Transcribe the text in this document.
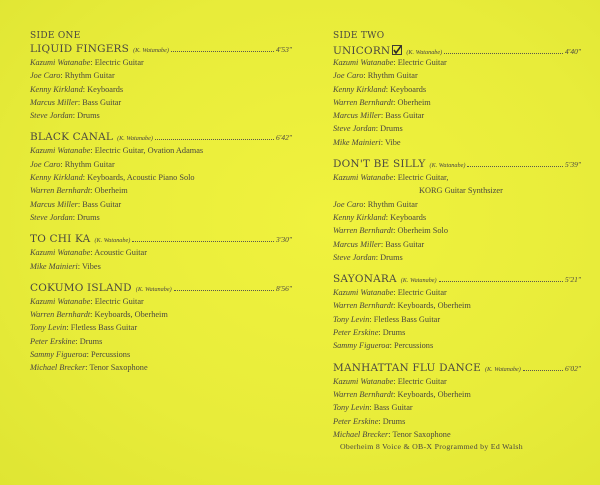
SIDE ONE
LIQUID FINGERS (K. Watanabe)	4'53"
Kazumi Watanabe: Electric Guitar
Joe Caro: Rhythm Guitar
Kenny Kirkland: Keyboards
Marcus Miller: Bass Guitar
Steve Jordan: Drums
BLACK CANAL (K. Watanabe)	6'42"
Kazumi Watanabe: Electric Guitar, Ovation Adamas
Joe Caro: Rhythm Guitar
Kenny Kirkland: Keyboards, Acoustic Piano Solo
Warren Bernhardt: Oberheim
Marcus Miller: Bass Guitar
Steve Jordan: Drums
TO CHI KA (K. Watanabe)	3'30"
Kazumi Watanabe: Acoustic Guitar
Mike Mainieri: Vibes
COKUMO ISLAND (K. Watanabe)	8'56"
Kazumi Watanabe: Electric Guitar
Warren Bernhardt: Keyboards, Oberheim
Tony Levin: Fletless Bass Guitar
Peter Erskine: Drums
Sammy Figueroa: Percussions
Michael Brecker: Tenor Saxophone
SIDE TWO
UNICORN	(K. Watanabe)	4'40"
Kazumi Watanabe: Electric Guitar
Joe Caro: Rhythm Guitar
Kenny Kirkland: Keyboards
Warren Bernhardt: Oberheim
Marcus Miller: Bass Guitar
Steve Jordan: Drums
Mike Mainieri: Vibe
DON'T BE SILLY (K. Watanabe)	5'39"
Kazumi Watanabe: Electric Guitar,
KORG Guitar Synthsizer
Joe Caro: Rhythm Guitar
Kenny Kirkland: Keyboards
Warren Bernhardt: Oberheim Solo
Marcus Miller: Bass Guitar
Steve Jordan: Drums
SAYONARA (K. Watanabe)	5'21"
Kazumi Watanabe: Electric Guitar
Warren Bernhardt: Keyboards, Oberheim
Tony Levin: Fletless Bass Guitar
Peter Erskine: Drums
Sammy Figueroa: Percussions
MANHATTAN FLU DANCE (K. Watanabe)	6'02"
Kazumi Watanabe: Electric Guitar
Warren Bernhardt: Keyboards, Oberheim
Tony Levin: Bass Guitar
Peter Erskine: Drums
Michael Brecker: Tenor Saxophone
Oberheim 8 Voice & OB-X Programmed by Ed Walsh
